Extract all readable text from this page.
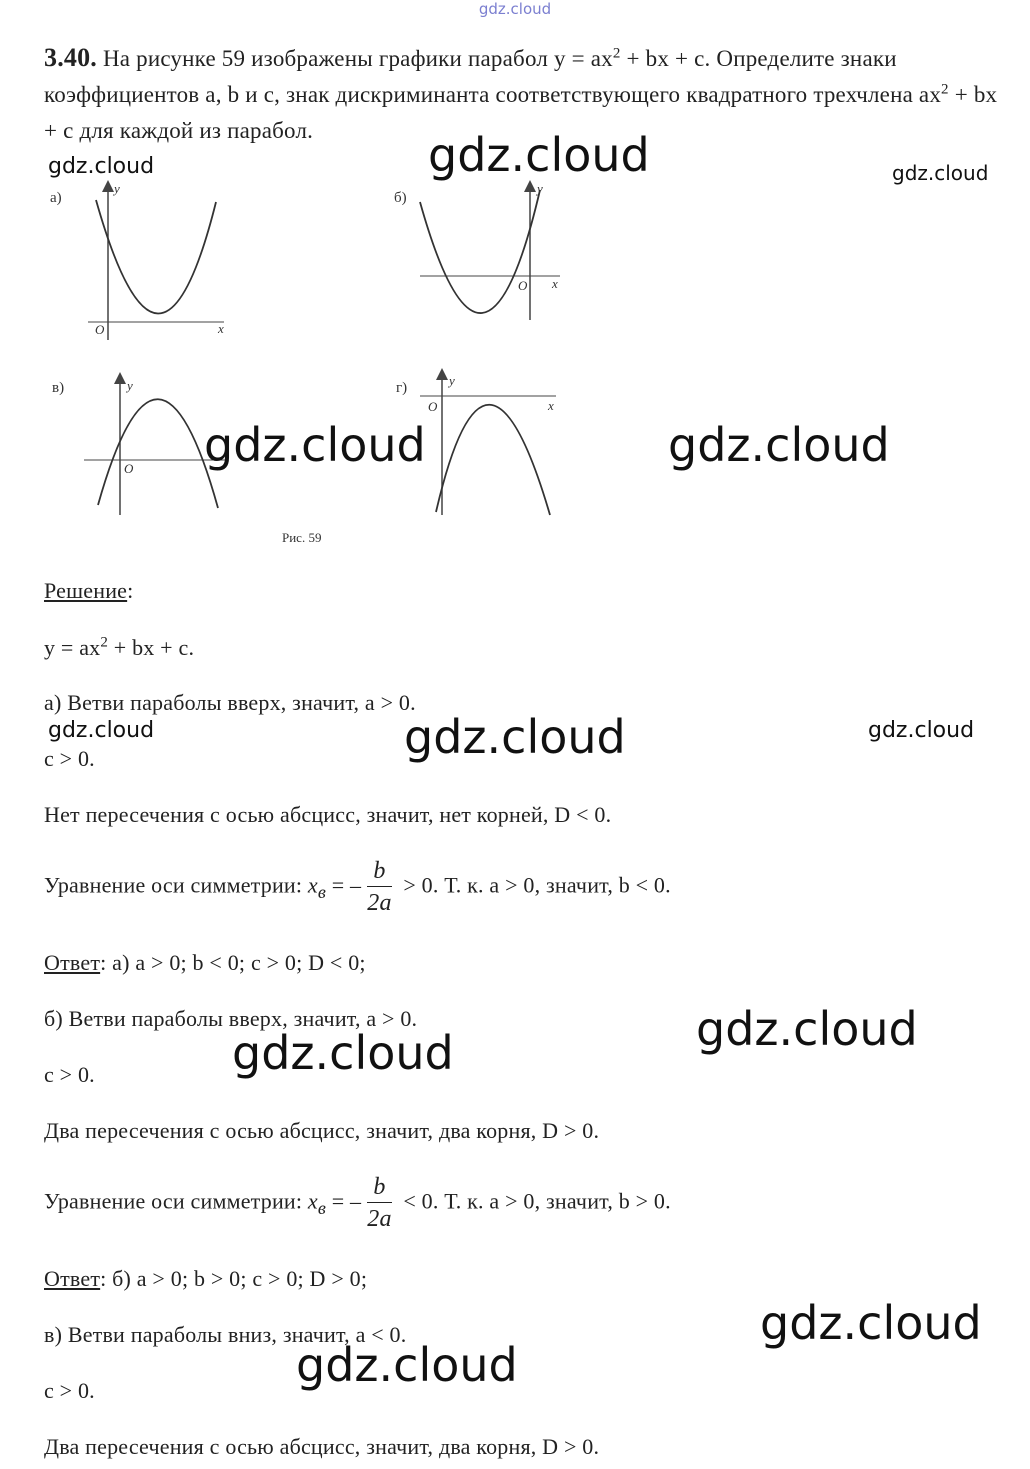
gdz.cloud
3.40. На рисунке 59 изображены графики парабол $y = ax^2$ + bx + c. Определите знаки коэффициентов a, b и c, знак дискриминанта соответствующего квадратного трехчлена $ax^2$ + bx + c для каждой из парабол.
а)
y
x
O
б)
y
x
O
в)	y
O
г)	y
x
O
Рис. 59
Решение:
$y = ax^2$ + bx + c.
а) Ветви параболы вверх, значит, a > 0.
c > 0.
Нет пересечения с осью абсцисс, значит, нет корней, D < 0.
Уравнение оси симметрии: $x_в$ = – $\frac{b}{2a} > 0$. Т. к. a > 0, значит, b < 0.
Ответ: а) a > 0; b < 0; c > 0; D < 0;
б) Ветви параболы вверх, значит, a > 0.
c > 0.
Два пересечения с осью абсцисс, значит, два корня, D > 0.
Уравнение оси симметрии: $x_в$ = – $\frac{b}{2a} < 0$. Т. к. a > 0, значит, b > 0.
Ответ: б) a > 0; b > 0; c > 0; D > 0;
в) Ветви параболы вниз, значит, a < 0.
c > 0.
Два пересечения с осью абсцисс, значит, два корня, D > 0.
gdz.cloud	gdz.cloud	gdz.cloud
gdz.cloud	gdz.cloud
gdz.cloud	gdz.cloud	gdz.cloud
gdz.cloud
gdz.cloud
gdz.cloud
gdz.cloud
